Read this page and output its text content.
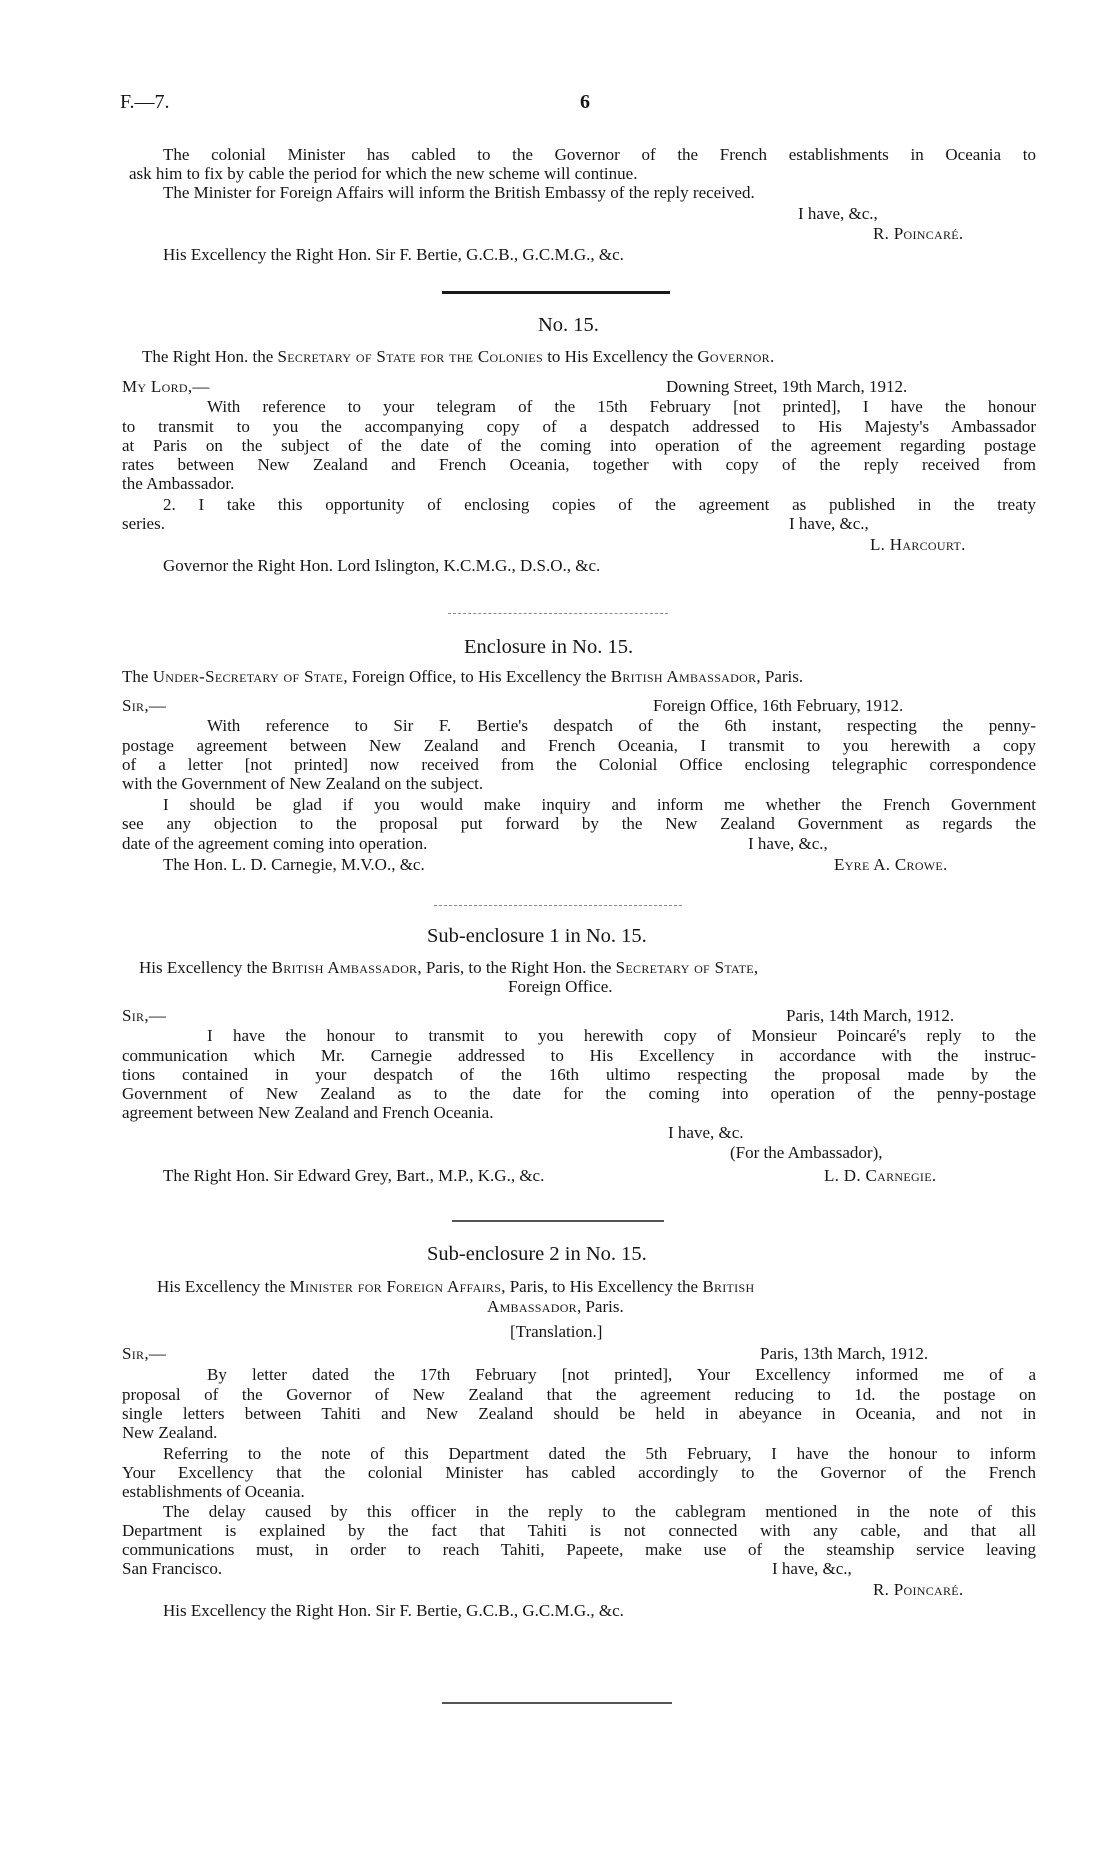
F.—7.	6
The colonial Minister has cabled to the Governor of the French establishments in Oceania to
ask him to fix by cable the period for which the new scheme will continue.
The Minister for Foreign Affairs will inform the British Embassy of the reply received.
I have, &c.,
R. Poincaré.
His Excellency the Right Hon. Sir F. Bertie, G.C.B., G.C.M.G., &c.
No. 15.
The Right Hon. the Secretary of State for the Colonies to His Excellency the Governor.
My Lord,—	Downing Street, 19th March, 1912.
With reference to your telegram of the 15th February [not printed], I have the honour
to transmit to you the accompanying copy of a despatch addressed to His Majesty's Ambassador
at Paris on the subject of the date of the coming into operation of the agreement regarding postage
rates between New Zealand and French Oceania, together with copy of the reply received from
the Ambassador.
2. I take this opportunity of enclosing copies of the agreement as published in the treaty
series.	I have, &c.,
L. Harcourt.
Governor the Right Hon. Lord Islington, K.C.M.G., D.S.O., &c.
Enclosure in No. 15.
The Under-Secretary of State, Foreign Office, to His Excellency the British Ambassador, Paris.
Sir,—	Foreign Office, 16th February, 1912.
With reference to Sir F. Bertie's despatch of the 6th instant, respecting the penny-
postage agreement between New Zealand and French Oceania, I transmit to you herewith a copy
of a letter [not printed] now received from the Colonial Office enclosing telegraphic correspondence
with the Government of New Zealand on the subject.
I should be glad if you would make inquiry and inform me whether the French Government
see any objection to the proposal put forward by the New Zealand Government as regards the
date of the agreement coming into operation.	I have, &c.,
The Hon. L. D. Carnegie, M.V.O., &c.	Eyre A. Crowe.
Sub-enclosure 1 in No. 15.
His Excellency the British Ambassador, Paris, to the Right Hon. the Secretary of State,
Foreign Office.
Sir,—	Paris, 14th March, 1912.
I have the honour to transmit to you herewith copy of Monsieur Poincaré's reply to the
communication which Mr. Carnegie addressed to His Excellency in accordance with the instruc-
tions contained in your despatch of the 16th ultimo respecting the proposal made by the
Government of New Zealand as to the date for the coming into operation of the penny-postage
agreement between New Zealand and French Oceania.
I have, &c.
(For the Ambassador),
The Right Hon. Sir Edward Grey, Bart., M.P., K.G., &c.	L. D. Carnegie.
Sub-enclosure 2 in No. 15.
His Excellency the Minister for Foreign Affairs, Paris, to His Excellency the British
Ambassador, Paris.
[Translation.]
Sir,—	Paris, 13th March, 1912.
By letter dated the 17th February [not printed], Your Excellency informed me of a
proposal of the Governor of New Zealand that the agreement reducing to 1d. the postage on
single letters between Tahiti and New Zealand should be held in abeyance in Oceania, and not in
New Zealand.
Referring to the note of this Department dated the 5th February, I have the honour to inform
Your Excellency that the colonial Minister has cabled accordingly to the Governor of the French
establishments of Oceania.
The delay caused by this officer in the reply to the cablegram mentioned in the note of this
Department is explained by the fact that Tahiti is not connected with any cable, and that all
communications must, in order to reach Tahiti, Papeete, make use of the steamship service leaving
San Francisco.	I have, &c.,
R. Poincaré.
His Excellency the Right Hon. Sir F. Bertie, G.C.B., G.C.M.G., &c.
